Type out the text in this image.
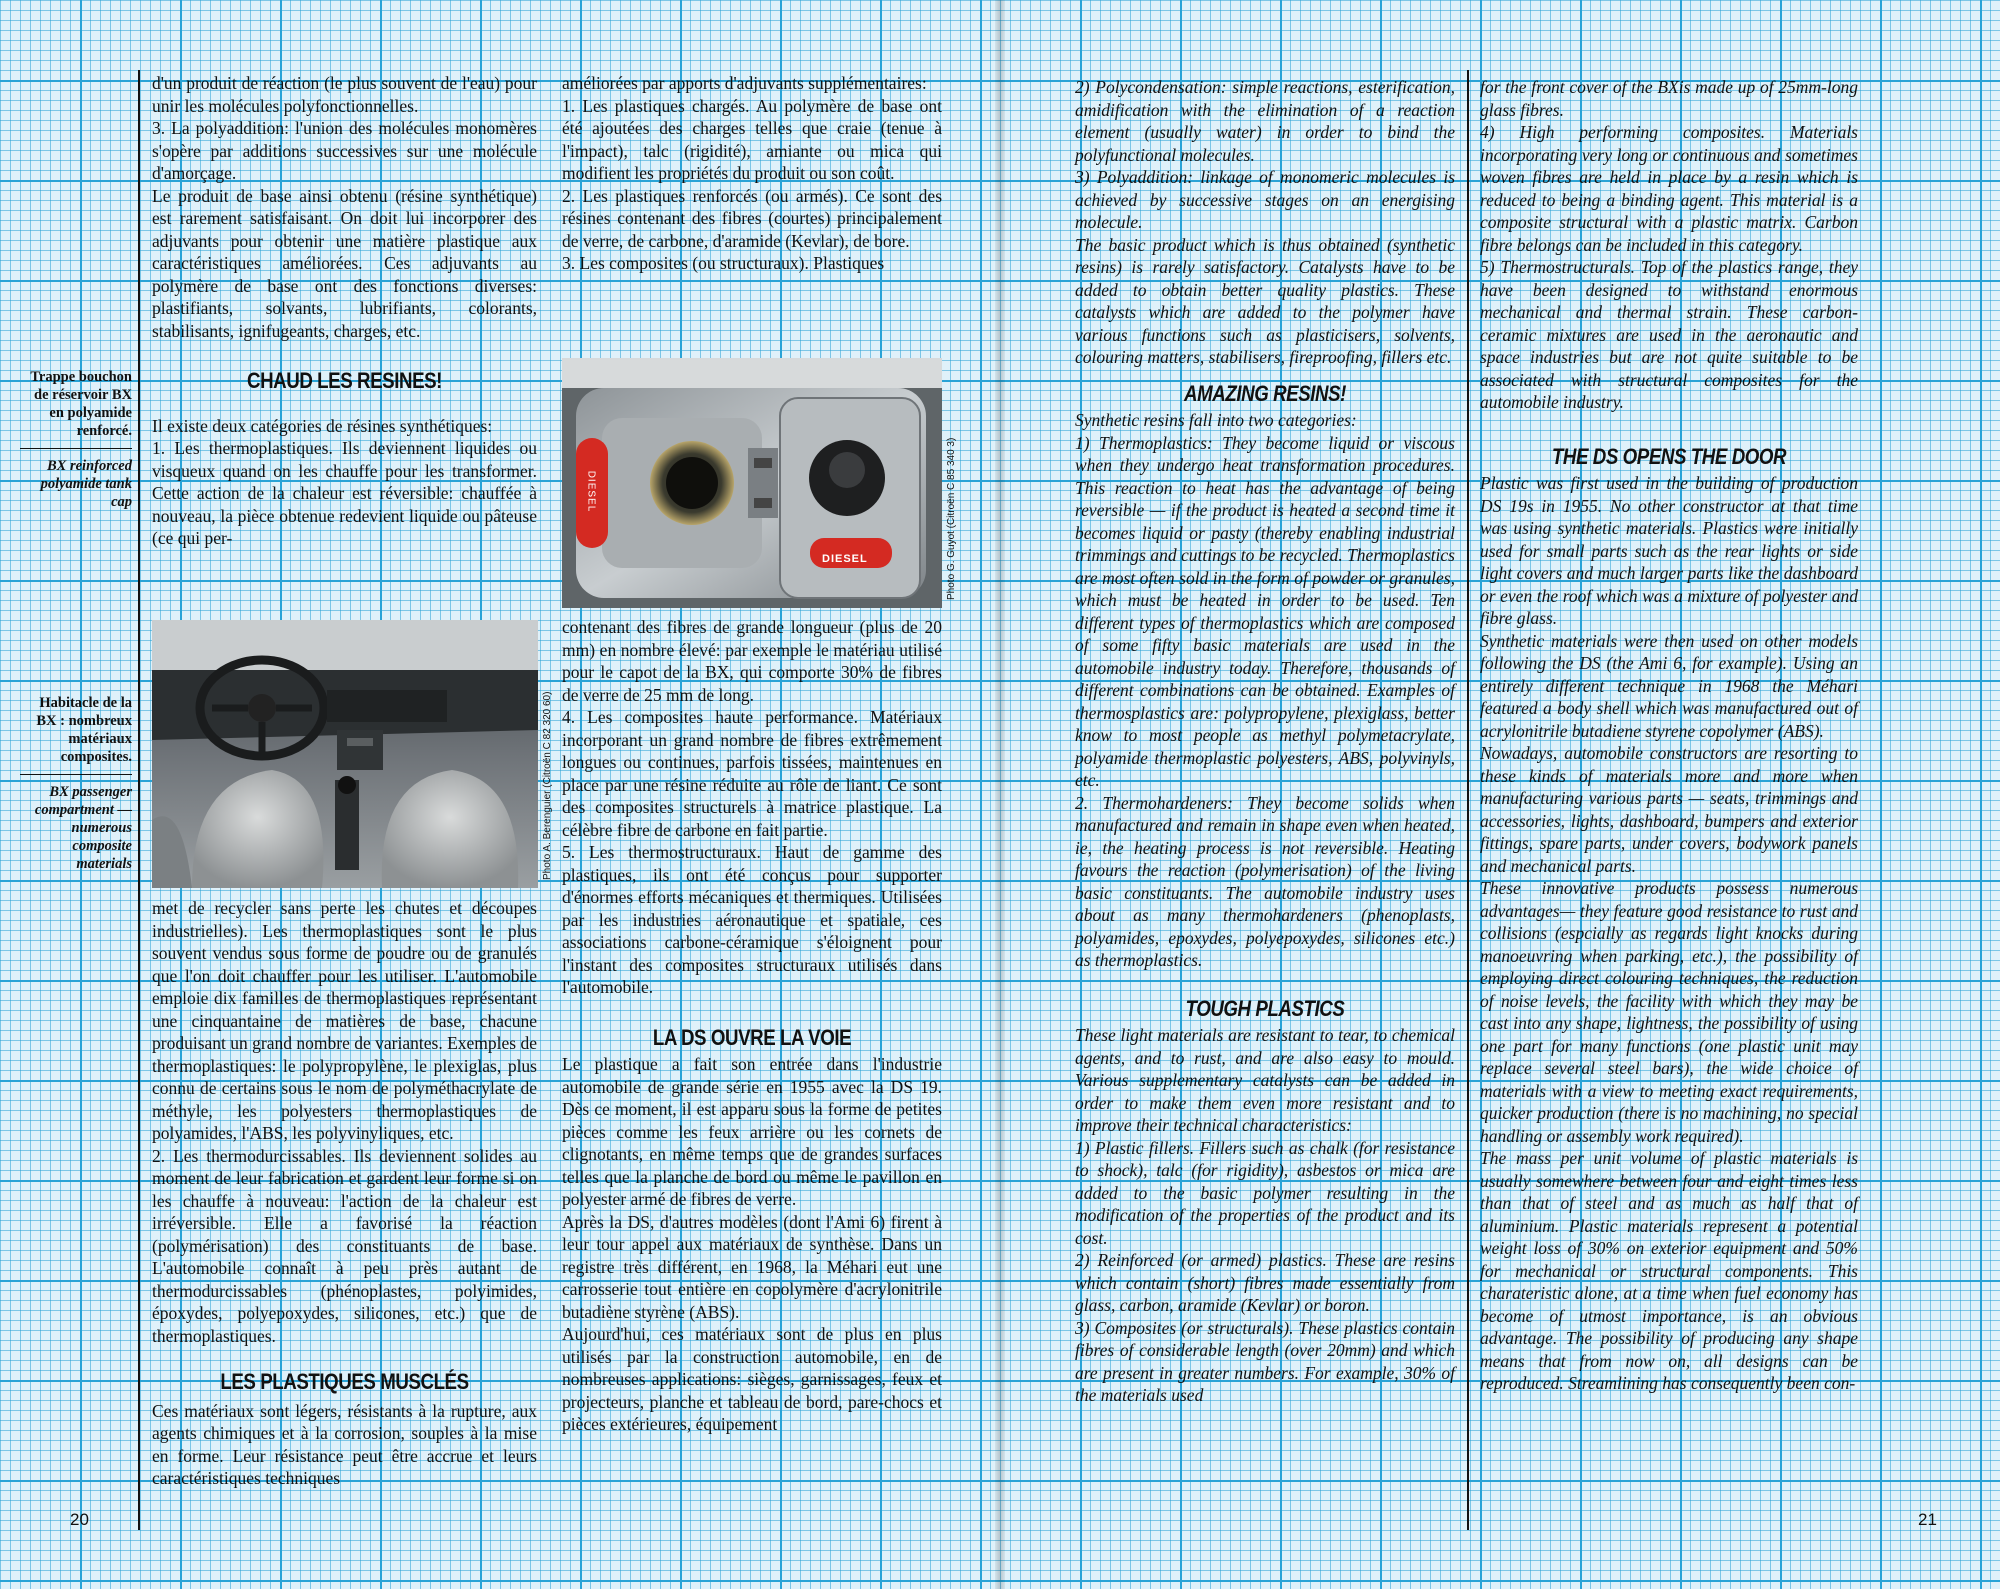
Trappe bouchon de réservoir BX en polyamide renforcé.
BX reinforced polyamide tank cap
Habitacle de la BX : nombreux matériaux composites.
BX passenger compartment — numerous composite materials

d'un produit de réaction (le plus souvent de l'eau) pour unir les molécules polyfonctionnelles.

3. La polyaddition: l'union des molécules monomères s'opère par additions successives sur une molécule d'amorçage.

Le produit de base ainsi obtenu (résine synthétique) est rarement satisfaisant. On doit lui incorporer des adjuvants pour obtenir une matière plastique aux caractéristiques améliorées. Ces adjuvants au polymère de base ont des fonctions diverses: plastifiants, solvants, lubrifiants, colorants, stabilisants, ignifugeants, charges, etc.

CHAUD LES RESINES!

Il existe deux catégories de résines synthétiques:

1. Les thermoplastiques. Ils deviennent liquides ou visqueux quand on les chauffe pour les transformer. Cette action de la chaleur est réversible: chauffée à nouveau, la pièce obtenue redevient liquide ou pâteuse (ce qui per-

Photo A. Berenguier (Citroën C 82 320 60)

met de recycler sans perte les chutes et découpes industrielles). Les thermoplastiques sont le plus souvent vendus sous forme de poudre ou de granulés que l'on doit chauffer pour les utiliser. L'automobile emploie dix familles de thermoplastiques représentant une cinquantaine de matières de base, chacune produisant un grand nombre de variantes. Exemples de thermoplastiques: le polypropylène, le plexiglas, plus connu de certains sous le nom de polyméthacrylate de méthyle, les polyesters thermoplastiques de polyamides, l'ABS, les polyvinyliques, etc.

2. Les thermodurcissables. Ils deviennent solides au moment de leur fabrication et gardent leur forme si on les chauffe à nouveau: l'action de la chaleur est irréversible. Elle a favorisé la réaction (polymérisation) des constituants de base. L'automobile connaît à peu près autant de thermodurcissables (phénoplastes, polyimides, époxydes, polyepoxydes, silicones, etc.) que de thermoplastiques.

LES PLASTIQUES MUSCLÉS

Ces matériaux sont légers, résistants à la rupture, aux agents chimiques et à la corrosion, souples à la mise en forme. Leur résistance peut être accrue et leurs caractéristiques techniques

améliorées par apports d'adjuvants supplémentaires:

1. Les plastiques chargés. Au polymère de base ont été ajoutées des charges telles que craie (tenue à l'impact), talc (rigidité), amiante ou mica qui modifient les propriétés du produit ou son coût.

2. Les plastiques renforcés (ou armés). Ce sont des résines contenant des fibres (courtes) principalement de verre, de carbone, d'aramide (Kevlar), de bore.

3. Les composites (ou structuraux). Plastiques

DIESEL
DIESEL	Photo G. Guyot (Citroën C 85 340 3)

contenant des fibres de grande longueur (plus de 20 mm) en nombre élevé: par exemple le matériau utilisé pour le capot de la BX, qui comporte 30% de fibres de verre de 25 mm de long.

4. Les composites haute performance. Matériaux incorporant un grand nombre de fibres extrêmement longues ou continues, parfois tissées, maintenues en place par une résine réduite au rôle de liant. Ce sont des composites structurels à matrice plastique. La célèbre fibre de carbone en fait partie.

5. Les thermostructuraux. Haut de gamme des plastiques, ils ont été conçus pour supporter d'énormes efforts mécaniques et thermiques. Utilisées par les industries aéronautique et spatiale, ces associations carbone-céramique s'éloignent pour l'instant des composites structuraux utilisés dans l'automobile.

LA DS OUVRE LA VOIE

Le plastique a fait son entrée dans l'industrie automobile de grande série en 1955 avec la DS 19. Dès ce moment, il est apparu sous la forme de petites pièces comme les feux arrière ou les cornets de clignotants, en même temps que de grandes surfaces telles que la planche de bord ou même le pavillon en polyester armé de fibres de verre.

Après la DS, d'autres modèles (dont l'Ami 6) firent à leur tour appel aux matériaux de synthèse. Dans un registre très différent, en 1968, la Méhari eut une carrosserie tout entière en copolymère d'acrylonitrile butadiène styrène (ABS).

Aujourd'hui, ces matériaux sont de plus en plus utilisés par la construction automobile, en de nombreuses applications: sièges, garnissages, feux et projecteurs, planche et tableau de bord, pare-chocs et pièces extérieures, équipement

20

2) Polycondensation: simple reactions, esterification, amidification with the elimination of a reaction element (usually water) in order to bind the polyfunctional molecules.

3) Polyaddition: linkage of monomeric molecules is achieved by successive stages on an energising molecule.

The basic product which is thus obtained (synthetic resins) is rarely satisfactory. Catalysts have to be added to obtain better quality plastics. These catalysts which are added to the polymer have various functions such as plasticisers, solvents, colouring matters, stabilisers, fireproofing, fillers etc.

AMAZING RESINS!

Synthetic resins fall into two categories:

1) Thermoplastics: They become liquid or viscous when they undergo heat transformation procedures. This reaction to heat has the advantage of being reversible — if the product is heated a second time it becomes liquid or pasty (thereby enabling industrial trimmings and cuttings to be recycled. Thermoplastics are most often sold in the form of powder or granules, which must be heated in order to be used. Ten different types of thermoplastics which are composed of some fifty basic materials are used in the automobile industry today. Therefore, thousands of different combinations can be obtained. Examples of thermosplastics are: polypropylene, plexiglass, better know to most people as methyl polymetacrylate, polyamide thermoplastic polyesters, ABS, polyvinyls, etc.

2. Thermohardeners: They become solids when manufactured and remain in shape even when heated, ie, the heating process is not reversible. Heating favours the reaction (polymerisation) of the living basic constituants. The automobile industry uses about as many thermohardeners (phenoplasts, polyamides, epoxydes, polyepoxydes, silicones etc.) as thermoplastics.

TOUGH PLASTICS

These light materials are resistant to tear, to chemical agents, and to rust, and are also easy to mould. Various supplementary catalysts can be added in order to make them even more resistant and to improve their technical characteristics:

1) Plastic fillers. Fillers such as chalk (for resistance to shock), talc (for rigidity), asbestos or mica are added to the basic polymer resulting in the modification of the properties of the product and its cost.

2) Reinforced (or armed) plastics. These are resins which contain (short) fibres made essentially from glass, carbon, aramide (Kevlar) or boron.

3) Composites (or structurals). These plastics contain fibres of considerable length (over 20mm) and which are present in greater numbers. For example, 30% of the materials used

for the front cover of the BXis made up of 25mm-long glass fibres.

4) High performing composites. Materials incorporating very long or continuous and sometimes woven fibres are held in place by a resin which is reduced to being a binding agent. This material is a composite structural with a plastic matrix. Carbon fibre belongs can be included in this category.

5) Thermostructurals. Top of the plastics range, they have been designed to withstand enormous mechanical and thermal strain. These carbon-ceramic mixtures are used in the aeronautic and space industries but are not quite suitable to be associated with structural composites for the automobile industry.

THE DS OPENS THE DOOR

Plastic was first used in the building of production DS 19s in 1955. No other constructor at that time was using synthetic materials. Plastics were initially used for small parts such as the rear lights or side light covers and much larger parts like the dashboard or even the roof which was a mixture of polyester and fibre glass.

Synthetic materials were then used on other models following the DS (the Ami 6, for example). Using an entirely different technique in 1968 the Méhari featured a body shell which was manufactured out of acrylonitrile butadiene styrene copolymer (ABS).

Nowadays, automobile constructors are resorting to these kinds of materials more and more when manufacturing various parts — seats, trimmings and accessories, lights, dashboard, bumpers and exterior fittings, spare parts, under covers, bodywork panels and mechanical parts.

These innovative products possess numerous advantages— they feature good resistance to rust and collisions (espcially as regards light knocks during manoeuvring when parking, etc.), the possibility of employing direct colouring techniques, the reduction of noise levels, the facility with which they may be cast into any shape, lightness, the possibility of using one part for many functions (one plastic unit may replace several steel bars), the wide choice of materials with a view to meeting exact requirements, quicker production (there is no machining, no special handling or assembly work required).

The mass per unit volume of plastic materials is usually somewhere between four and eight times less than that of steel and as much as half that of aluminium. Plastic materials represent a potential weight loss of 30% on exterior equipment and 50% for mechanical or structural components. This charateristic alone, at a time when fuel economy has become of utmost importance, is an obvious advantage. The possibility of producing any shape means that from now on, all designs can be reproduced. Streamlining has consequently been con-

21
